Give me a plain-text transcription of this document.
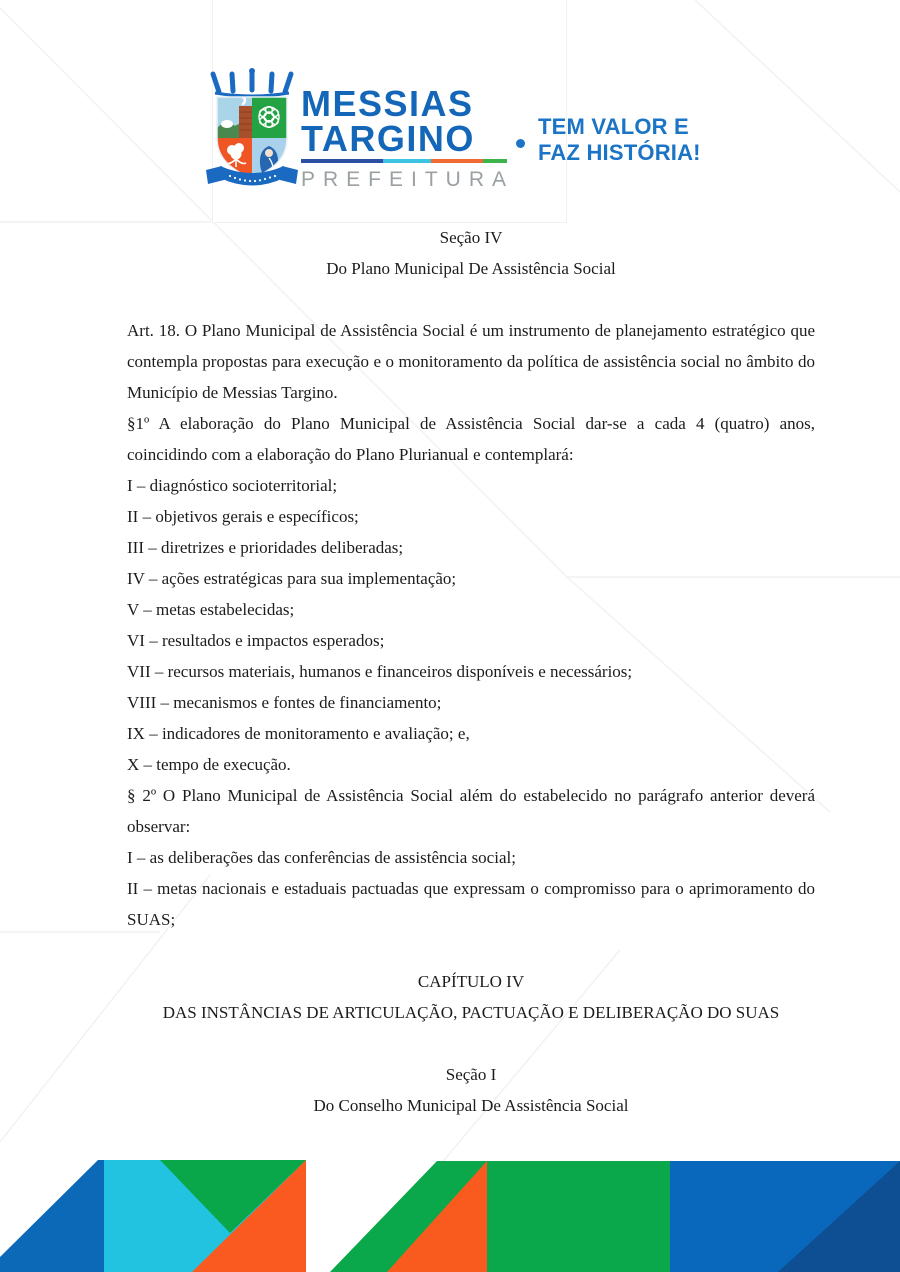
MESSIAS
TARGINO
PREFEITURA
TEM VALOR E
FAZ HISTÓRIA!

Seção IV

Do Plano Municipal De Assistência Social

Art. 18. O Plano Municipal de Assistência Social é um instrumento de planejamento estratégico que contempla propostas para execução e o monitoramento da política de assistência social no âmbito do Município de Messias Targino.

§1º A elaboração do Plano Municipal de Assistência Social dar-se a cada 4 (quatro) anos, coincidindo com a elaboração do Plano Plurianual e contemplará:

I – diagnóstico socioterritorial;

II – objetivos gerais e específicos;

III – diretrizes e prioridades deliberadas;

IV – ações estratégicas para sua implementação;

V – metas estabelecidas;

VI – resultados e impactos esperados;

VII – recursos materiais, humanos e financeiros disponíveis e necessários;

VIII – mecanismos e fontes de financiamento;

IX – indicadores de monitoramento e avaliação; e,

X – tempo de execução.

§ 2º O Plano Municipal de Assistência Social além do estabelecido no parágrafo anterior deverá observar:

I – as deliberações das conferências de assistência social;

II – metas nacionais e estaduais pactuadas que expressam o compromisso para o aprimoramento do SUAS;

CAPÍTULO IV

DAS INSTÂNCIAS DE ARTICULAÇÃO, PACTUAÇÃO E DELIBERAÇÃO DO SUAS

Seção I

Do Conselho Municipal De Assistência Social
